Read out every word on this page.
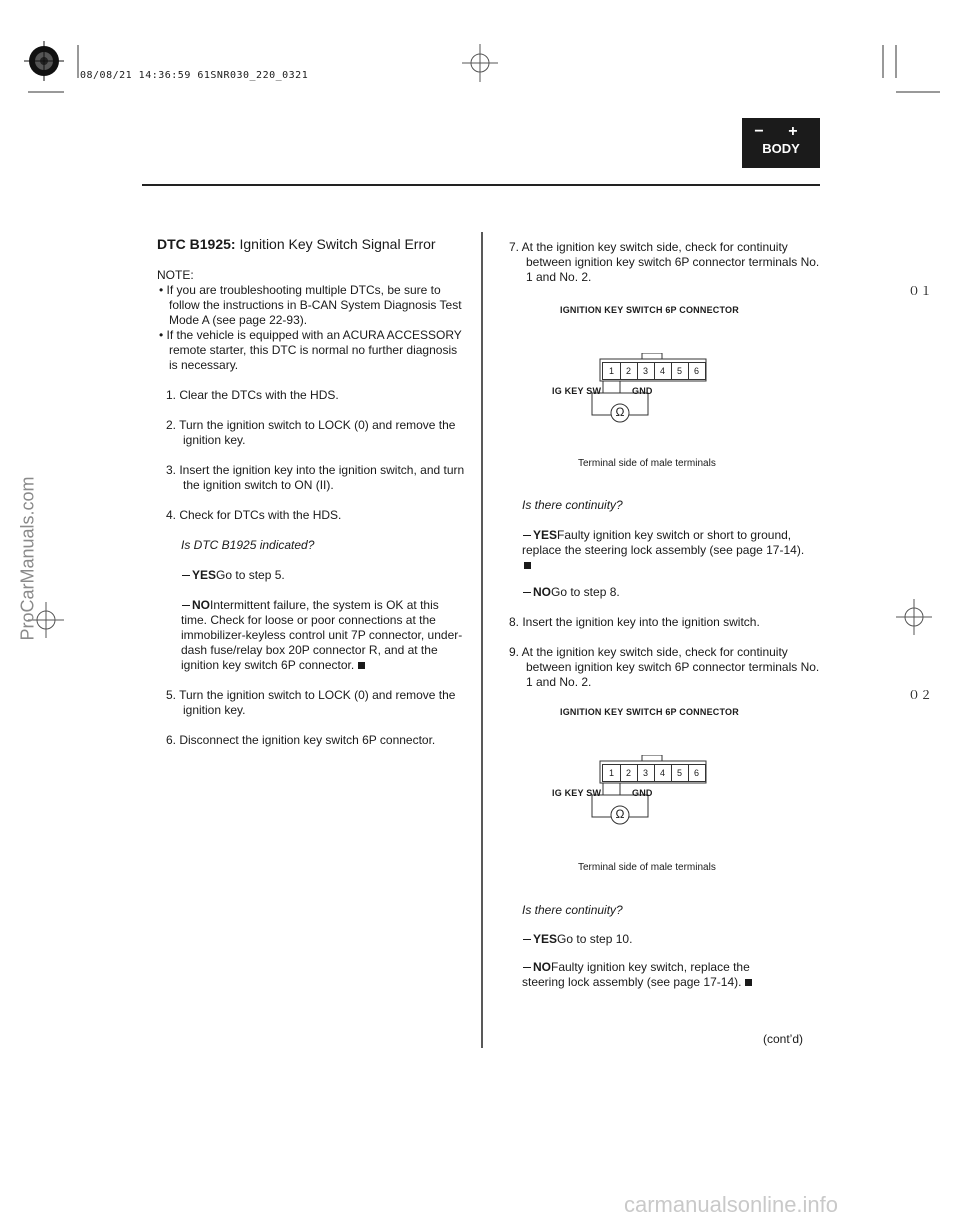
08/08/21 14:36:59 61SNR030_220_0321
− +
BODY
０１
０２
ProCarManuals.com
carmanualsonline.info
DTC B1925: Ignition Key Switch Signal Error
NOTE:
• If you are troubleshooting multiple DTCs, be sure to follow the instructions in B-CAN System Diagnosis Test Mode A (see page 22-93).
• If the vehicle is equipped with an ACURA ACCESSORY remote starter, this DTC is normal no further diagnosis is necessary.
1. Clear the DTCs with the HDS.
2. Turn the ignition switch to LOCK (0) and remove the ignition key.
3. Insert the ignition key into the ignition switch, and turn the ignition switch to ON (II).
4. Check for DTCs with the HDS.
Is DTC B1925 indicated?
YESGo to step 5.
NOIntermittent failure, the system is OK at this time. Check for loose or poor connections at the immobilizer-keyless control unit 7P connector, under-dash fuse/relay box 20P connector R, and at the ignition key switch 6P connector.
5. Turn the ignition switch to LOCK (0) and remove the ignition key.
6. Disconnect the ignition key switch 6P connector.
7. At the ignition key switch side, check for continuity between ignition key switch 6P connector terminals No. 1 and No. 2.
IGNITION KEY SWITCH 6P CONNECTOR
1	2	3	4	5	6
Ω
IG KEY SW	GND
Terminal side of male terminals
Is there continuity?
YESFaulty ignition key switch or short to ground, replace the steering lock assembly (see page 17-14).

NOGo to step 8.
8. Insert the ignition key into the ignition switch.
9. At the ignition key switch side, check for continuity between ignition key switch 6P connector terminals No. 1 and No. 2.
IGNITION KEY SWITCH 6P CONNECTOR
1	2	3	4	5	6
Ω
IG KEY SW	GND
Terminal side of male terminals
Is there continuity?
YESGo to step 10.
NOFaulty ignition key switch, replace the steering lock assembly (see page 17-14).
(cont’d)
